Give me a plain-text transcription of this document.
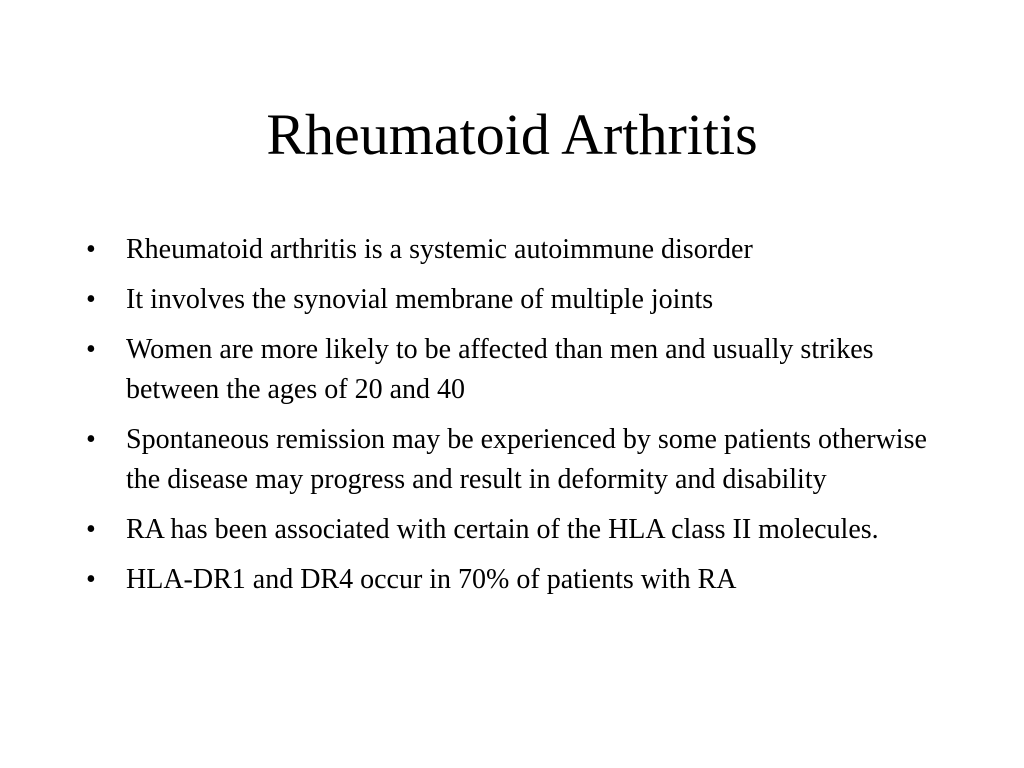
Rheumatoid Arthritis
•	Rheumatoid arthritis is a systemic autoimmune disorder
•	It involves the synovial membrane of multiple joints
•	Women are more likely to be affected than men and usually strikes between the ages of 20 and 40
•	Spontaneous remission may be experienced by some patients otherwise the disease may progress and result in deformity and disability
•	RA has been associated with certain of the HLA class II molecules.
•	HLA-DR1 and DR4 occur in 70% of patients with RA
